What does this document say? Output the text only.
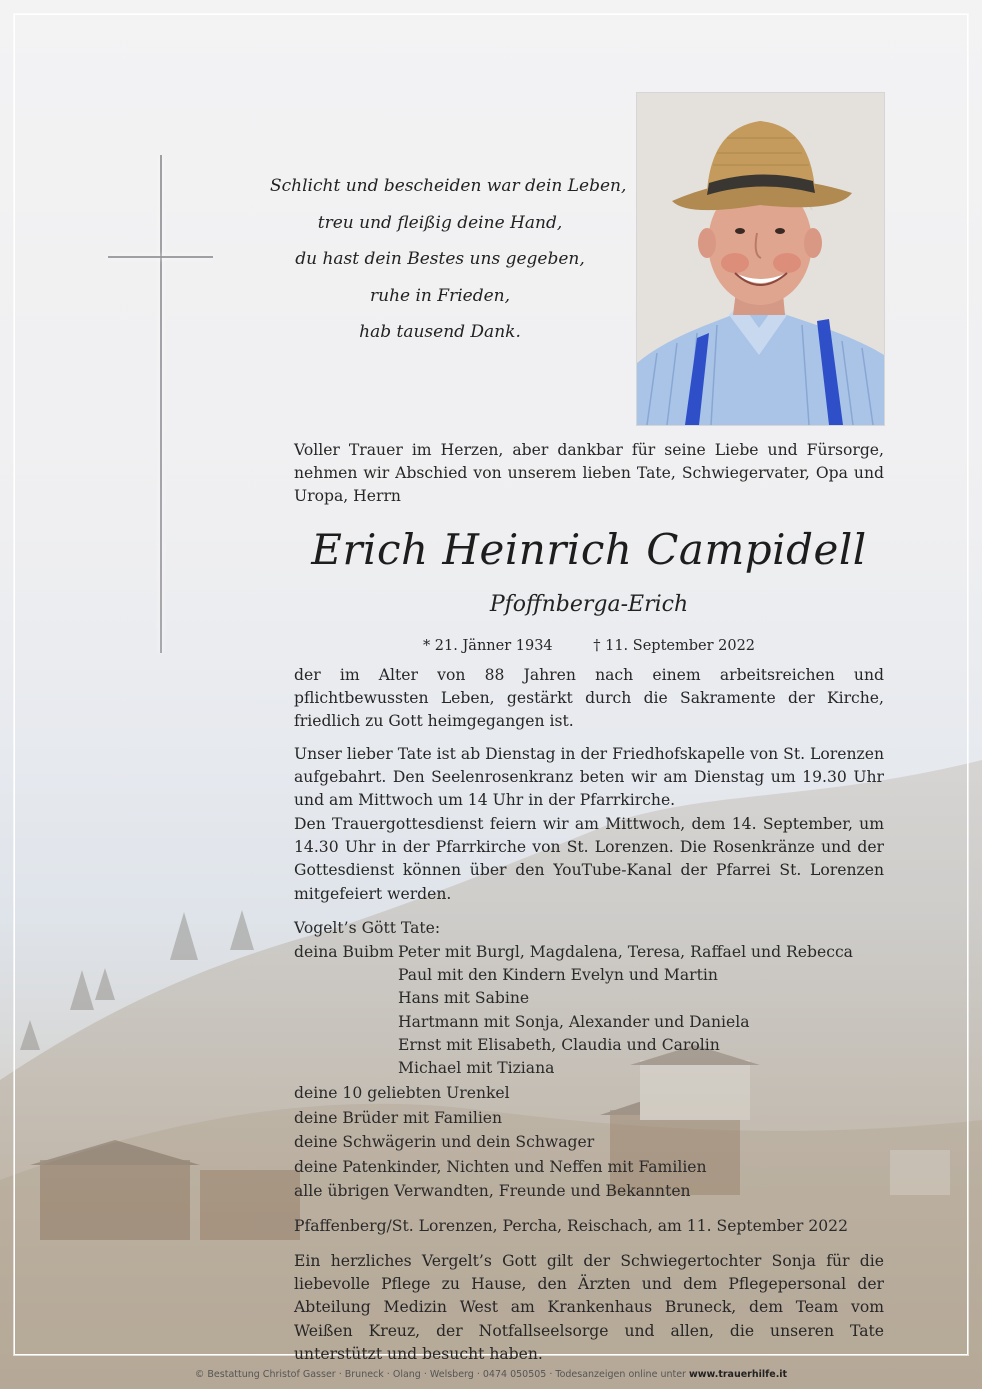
Schlicht und bescheiden war dein Leben,
treu und fleißig deine Hand,
du hast dein Bestes uns gegeben,
ruhe in Frieden,
hab tausend Dank.
Voller Trauer im Herzen, aber dankbar für seine Liebe und Fürsorge, nehmen wir Abschied von unserem lieben Tate, Schwiegervater, Opa und Uropa, Herrn
Erich Heinrich Campidell
Pfoffnberga-Erich
* 21. Jänner 1934	† 11. September 2022
der im Alter von 88 Jahren nach einem arbeitsreichen und pflichtbewussten Leben, gestärkt durch die Sakramente der Kirche, friedlich zu Gott heimgegangen ist.
Unser lieber Tate ist ab Dienstag in der Friedhofskapelle von St. Lorenzen aufgebahrt. Den Seelenrosenkranz beten wir am Dienstag um 19.30 Uhr und am Mittwoch um 14 Uhr in der Pfarrkirche.
Den Trauergottesdienst feiern wir am Mittwoch, dem 14. September, um 14.30 Uhr in der Pfarrkirche von St. Lorenzen. Die Rosenkränze und der Gottesdienst können über den YouTube-Kanal der Pfarrei St. Lorenzen mitgefeiert werden.
Vogelt’s Gött Tate:
deina Buibm Peter mit Burgl, Magdalena, Teresa, Raffael und Rebecca
Paul mit den Kindern Evelyn und Martin
Hans mit Sabine
Hartmann mit Sonja, Alexander und Daniela
Ernst mit Elisabeth, Claudia und Carolin
Michael mit Tiziana
deine 10 geliebten Urenkel
deine Brüder mit Familien
deine Schwägerin und dein Schwager
deine Patenkinder, Nichten und Neffen mit Familien
alle übrigen Verwandten, Freunde und Bekannten
Pfaffenberg/St. Lorenzen, Percha, Reischach, am 11. September 2022
Ein herzliches Vergelt’s Gott gilt der Schwiegertochter Sonja für die liebevolle Pflege zu Hause, den Ärzten und dem Pflegepersonal der Abteilung Medizin West am Krankenhaus Bruneck, dem Team vom Weißen Kreuz, der Notfallseelsorge und allen, die unseren Tate unterstützt und besucht haben.
© Bestattung Christof Gasser · Bruneck · Olang · Welsberg · 0474 050505 · Todesanzeigen online unter www.trauerhilfe.it
